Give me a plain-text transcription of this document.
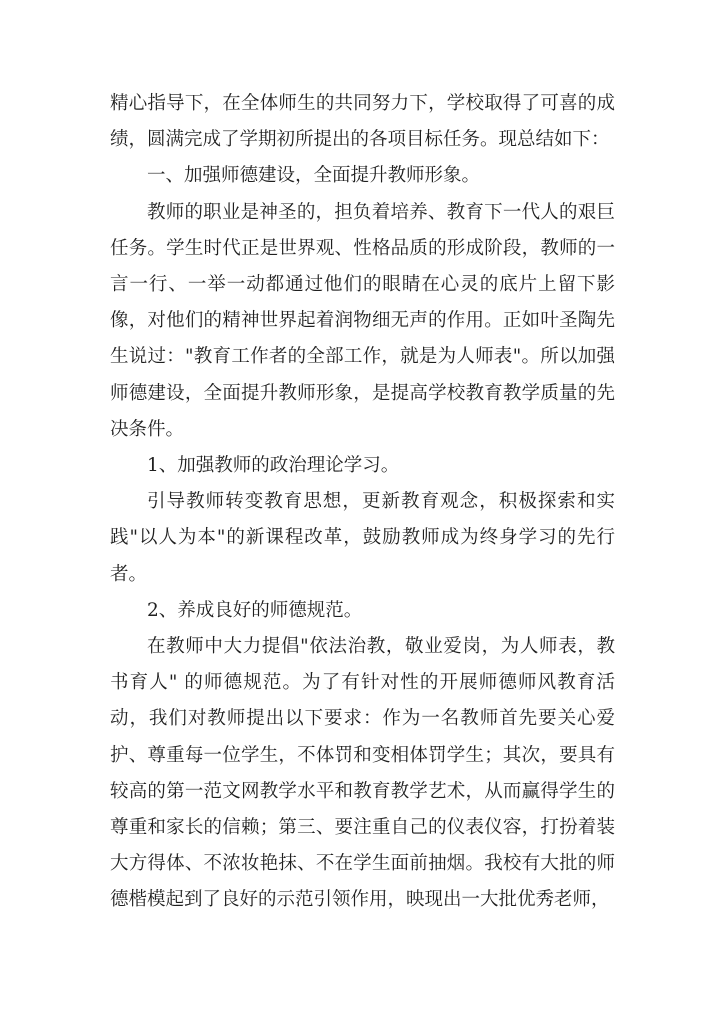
精心指导下，在全体师生的共同努力下，学校取得了可喜的成绩，圆满完成了学期初所提出的各项目标任务。现总结如下：

一、加强师德建设，全面提升教师形象。

教师的职业是神圣的，担负着培养、教育下一代人的艰巨任务。学生时代正是世界观、性格品质的形成阶段，教师的一言一行、一举一动都通过他们的眼睛在心灵的底片上留下影像，对他们的精神世界起着润物细无声的作用。正如叶圣陶先生说过："教育工作者的全部工作，就是为人师表"。所以加强师德建设，全面提升教师形象，是提高学校教育教学质量的先决条件。

1、加强教师的政治理论学习。

引导教师转变教育思想，更新教育观念，积极探索和实践"以人为本"的新课程改革，鼓励教师成为终身学习的先行者。

2、养成良好的师德规范。

在教师中大力提倡"依法治教，敬业爱岗，为人师表，教书育人" 的师德规范。为了有针对性的开展师德师风教育活动，我们对教师提出以下要求：作为一名教师首先要关心爱护、尊重每一位学生，不体罚和变相体罚学生；其次，要具有较高的第一范文网教学水平和教育教学艺术，从而赢得学生的尊重和家长的信赖；第三、要注重自己的仪表仪容，打扮着装大方得体、不浓妆艳抹、不在学生面前抽烟。我校有大批的师德楷模起到了良好的示范引领作用，映现出一大批优秀老师，
